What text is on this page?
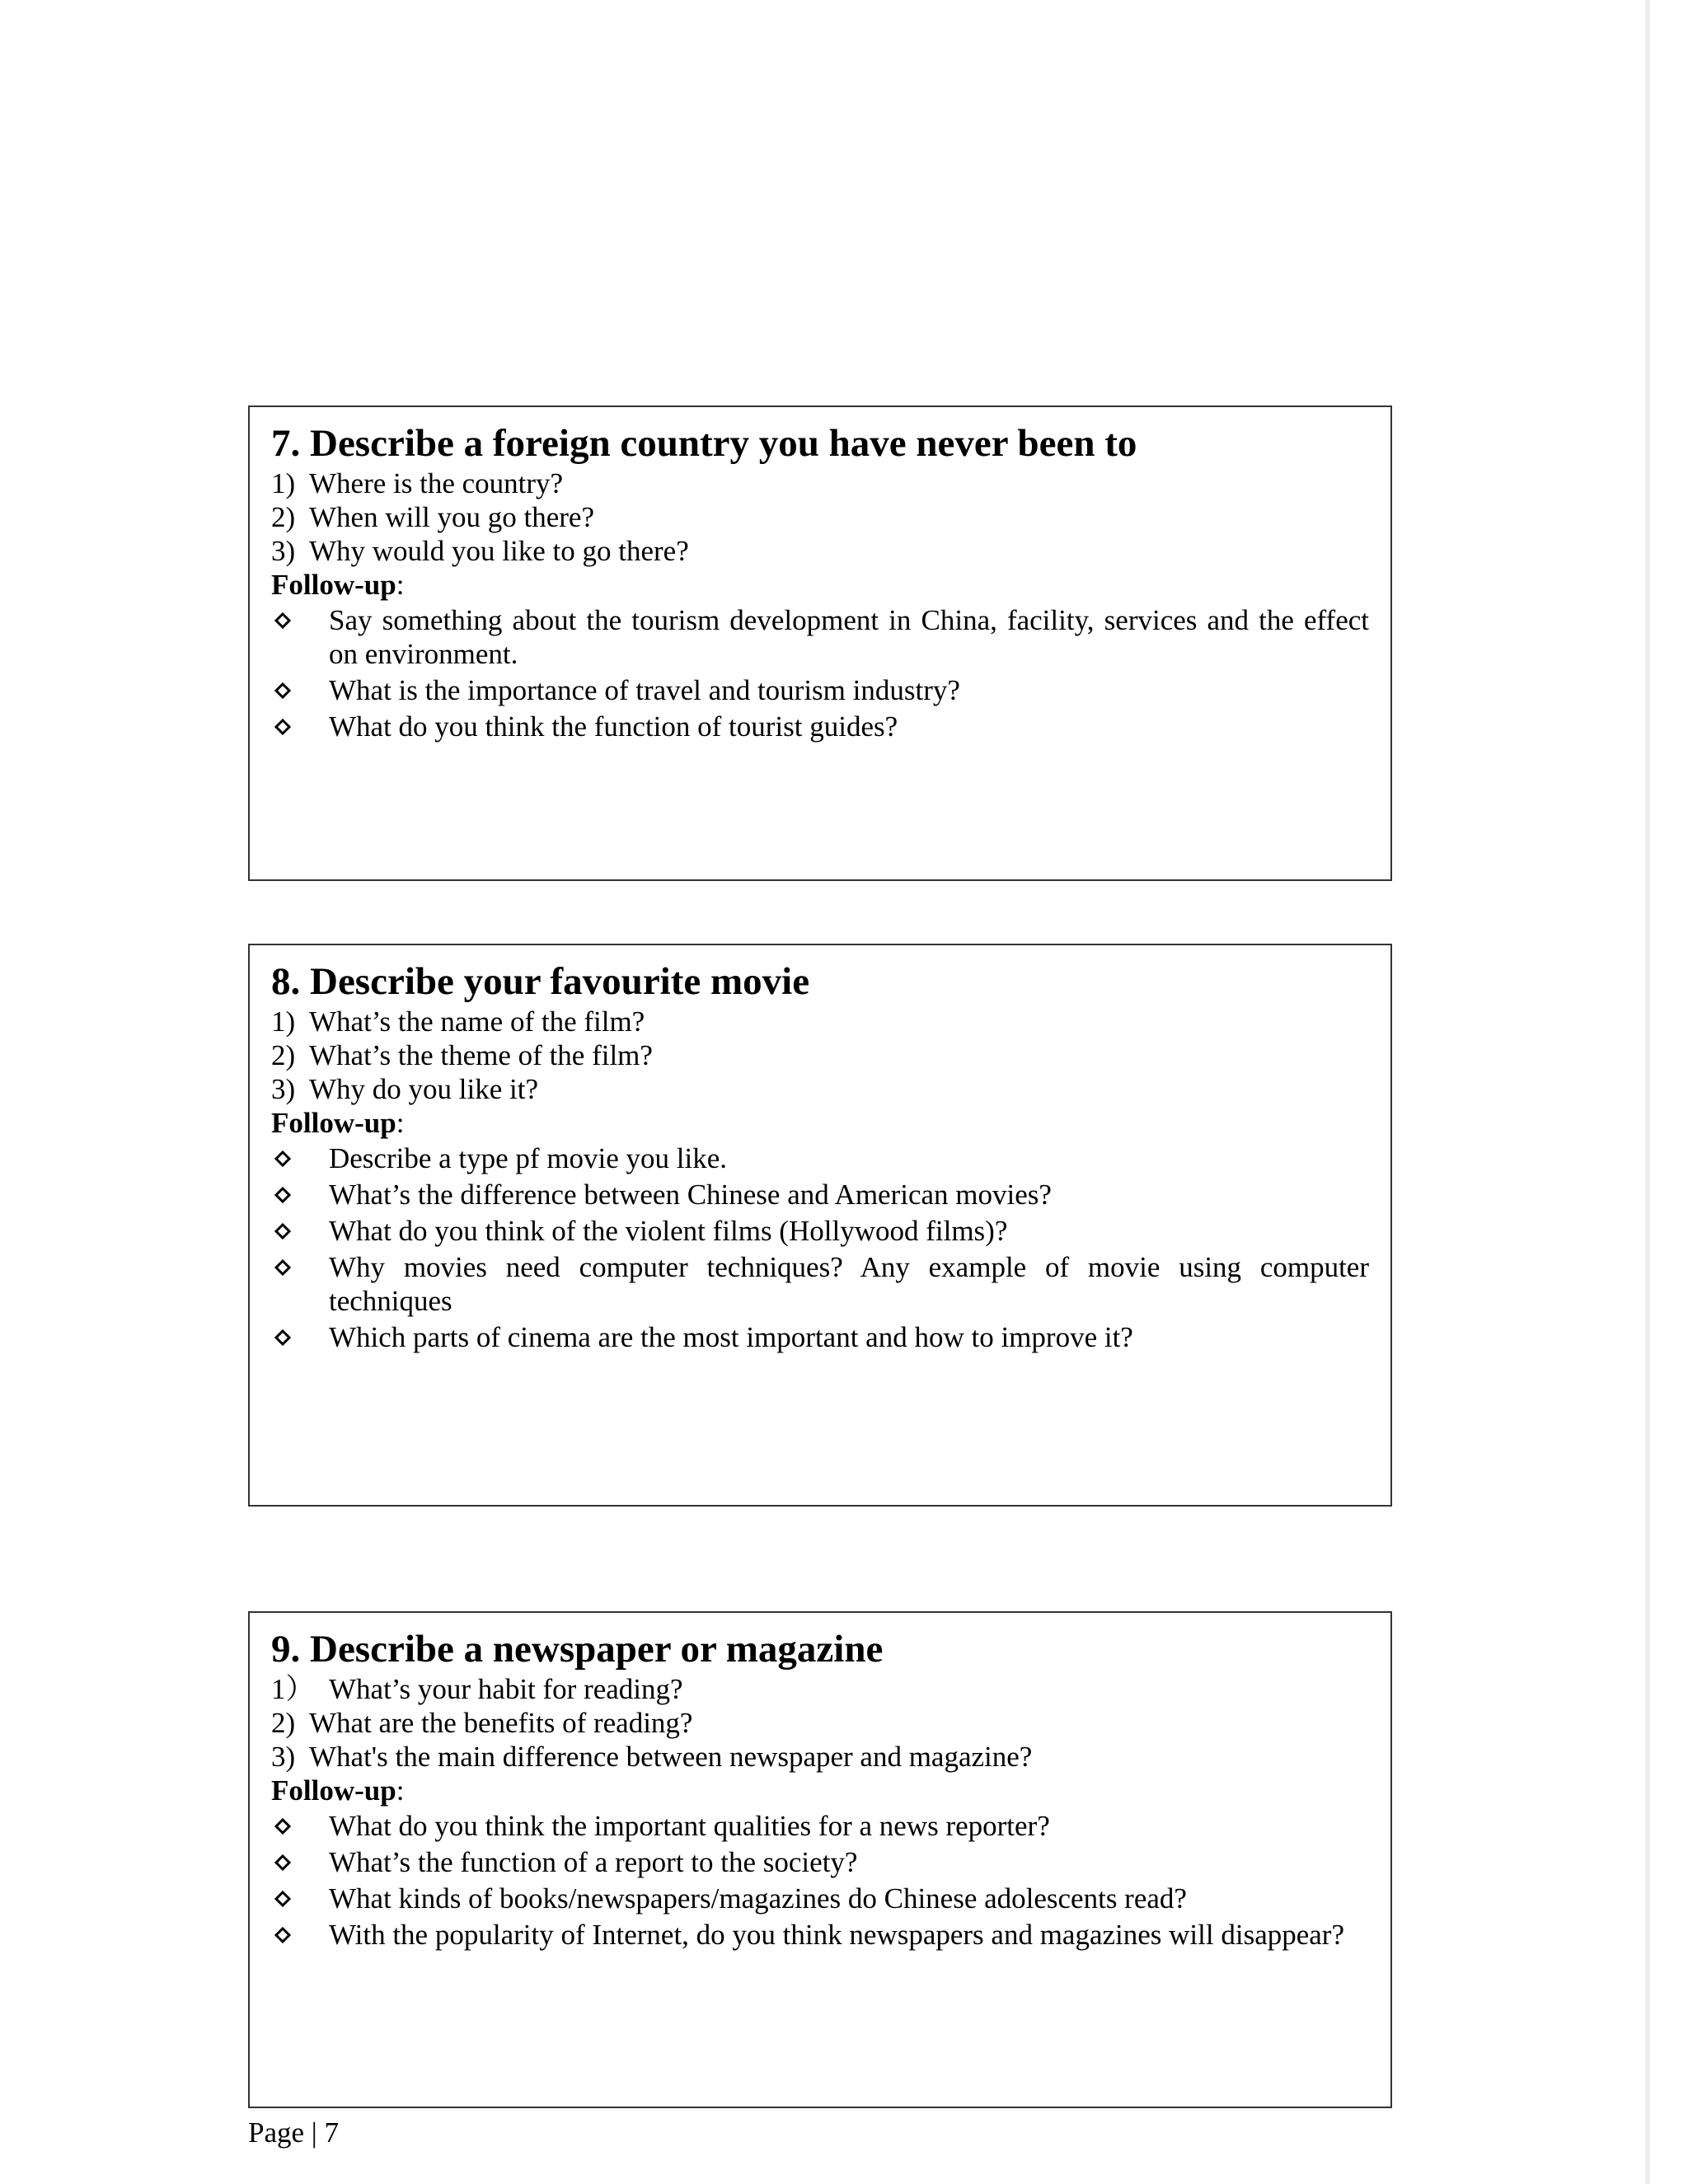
7. Describe a foreign country you have never been to
1) Where is the country?
2) When will you go there?
3) Why would you like to go there?
Follow-up:
Say something about the tourism development in China, facility, services and the effect on environment.
What is the importance of travel and tourism industry?
What do you think the function of tourist guides?
8. Describe your favourite movie
1) What’s the name of the film?
2) What’s the theme of the film?
3) Why do you like it?
Follow-up:
Describe a type pf movie you like.
What’s the difference between Chinese and American movies?
What do you think of the violent films (Hollywood films)?
Why movies need computer techniques? Any example of movie using computer techniques
Which parts of cinema are the most important and how to improve it?
9. Describe a newspaper or magazine
1） What’s your habit for reading?
2) What are the benefits of reading?
3) What's the main difference between newspaper and magazine?
Follow-up:
What do you think the important qualities for a news reporter?
What’s the function of a report to the society?
What kinds of books/newspapers/magazines do Chinese adolescents read?
With the popularity of Internet, do you think newspapers and magazines will disappear?
Page | 7
